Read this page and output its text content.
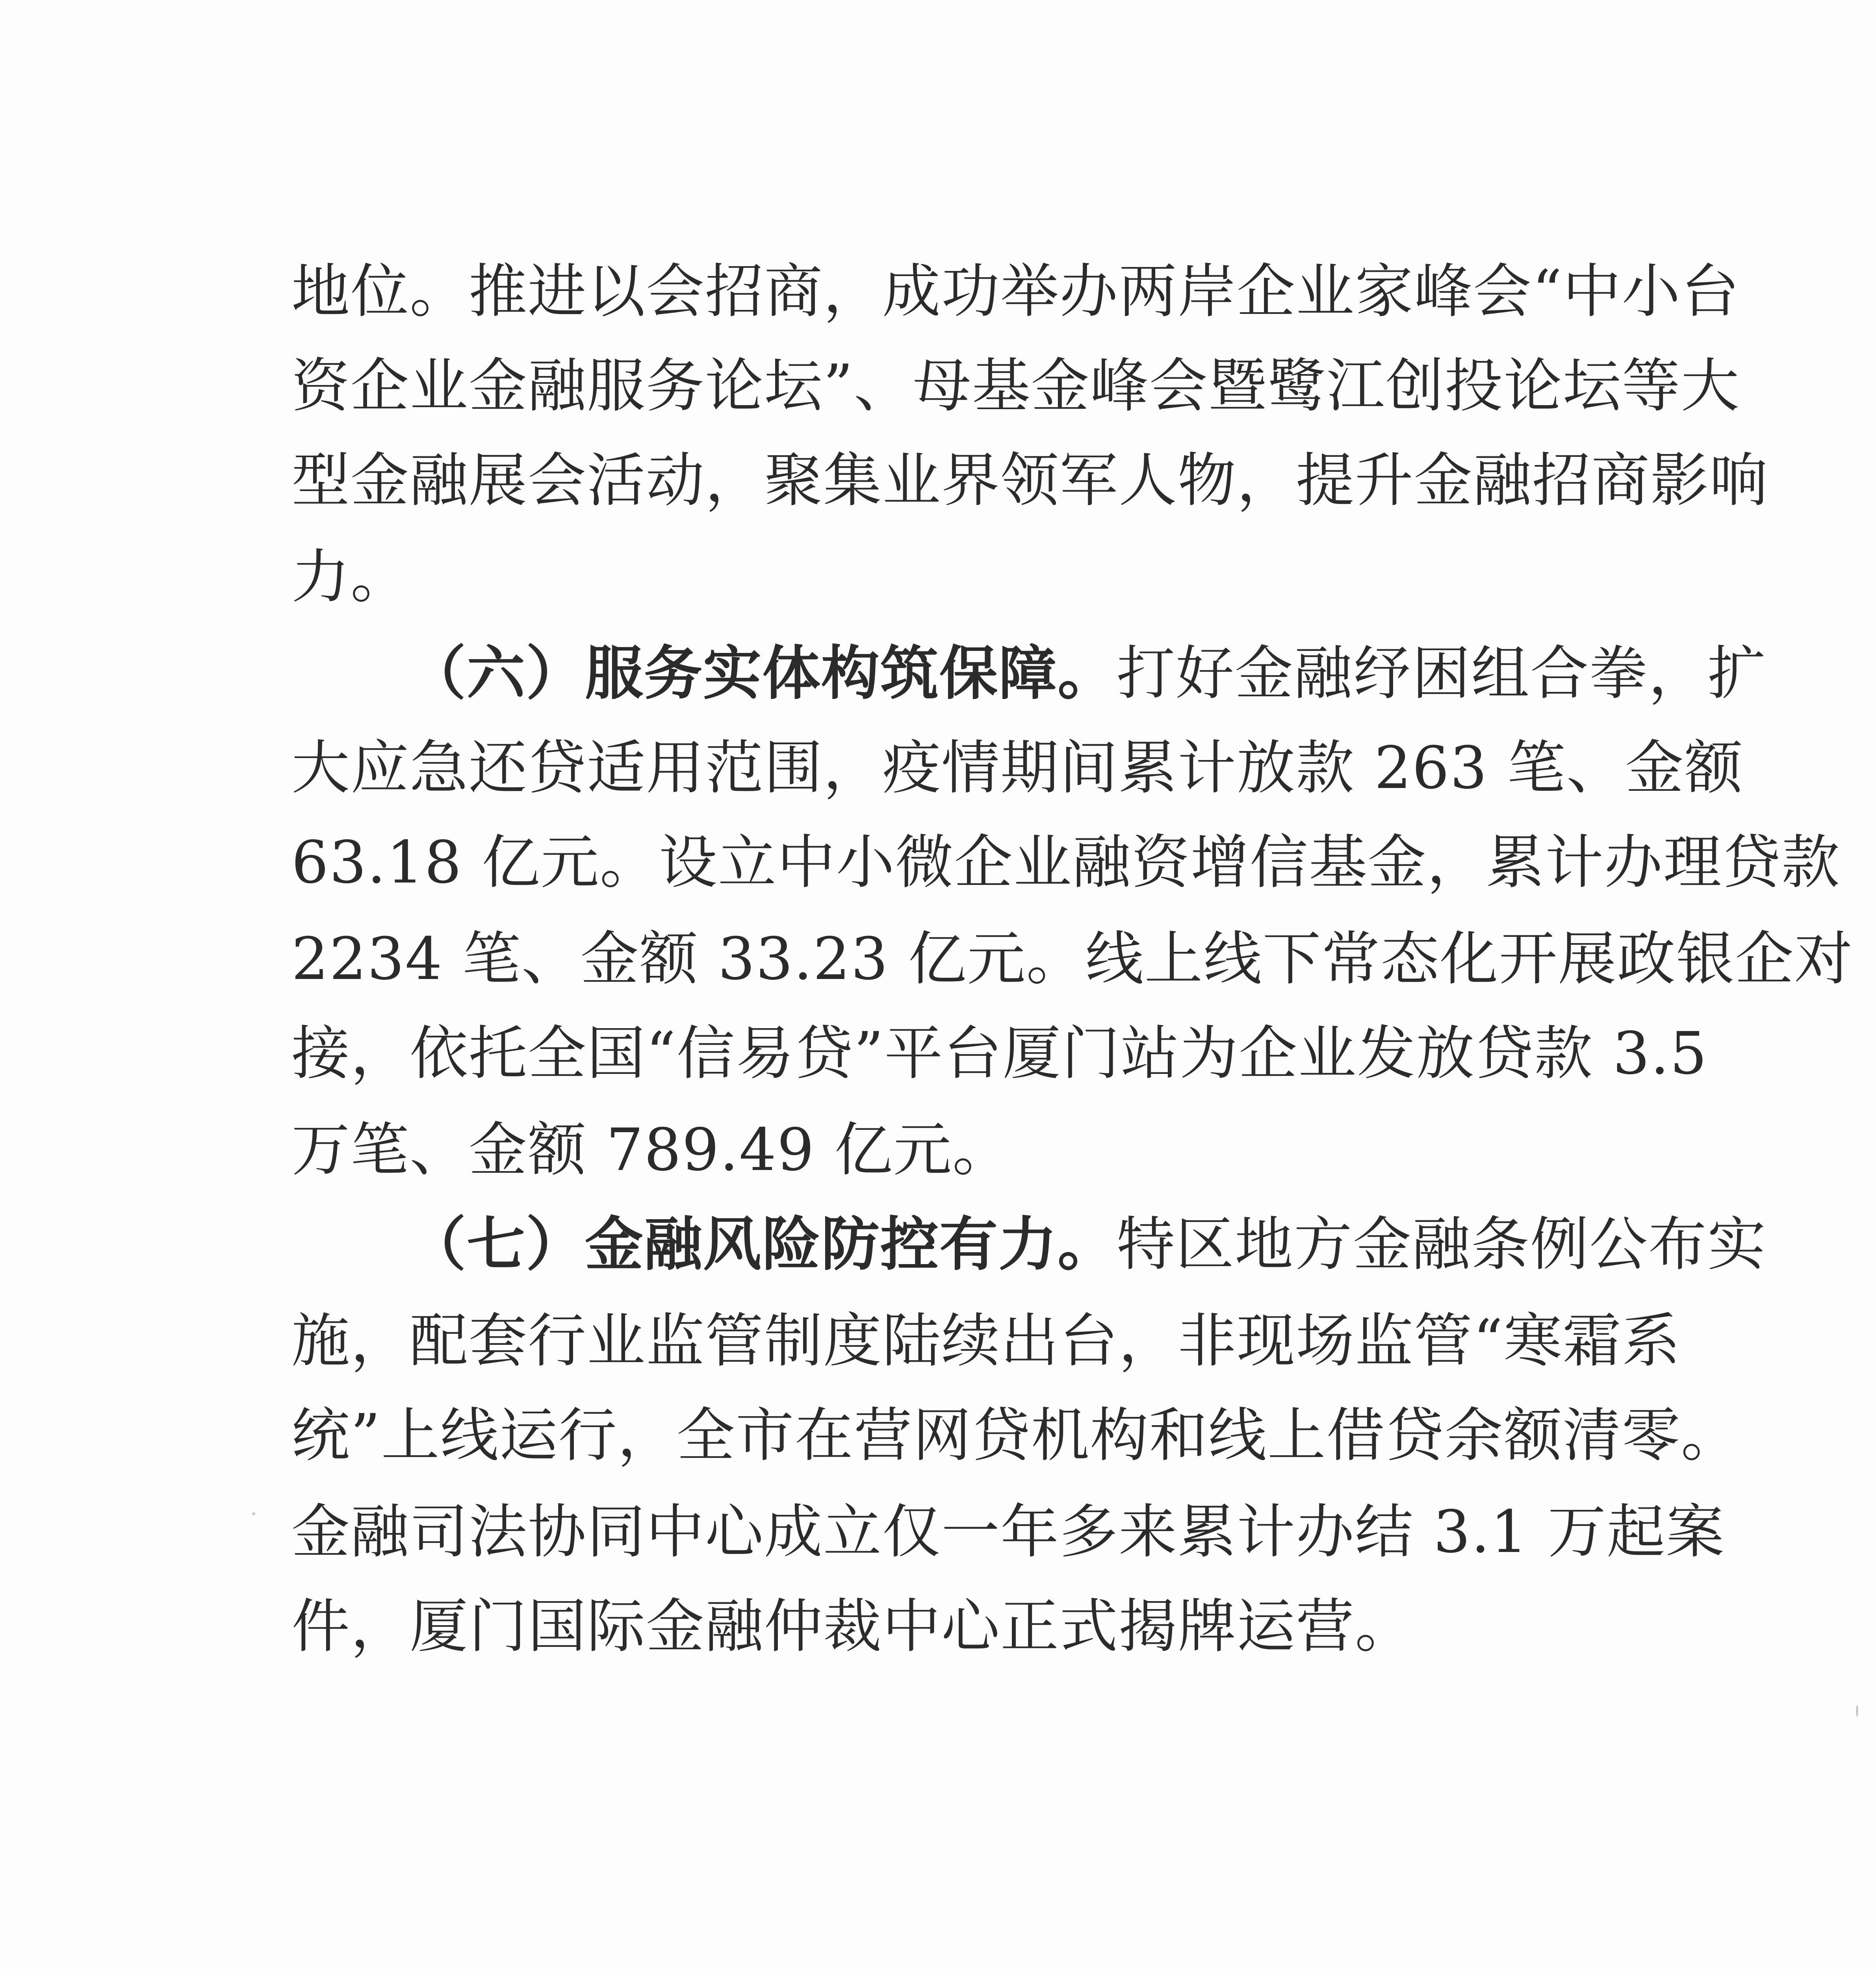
地位。推进以会招商，成功举办两岸企业家峰会“中小台
资企业金融服务论坛”、母基金峰会暨鹭江创投论坛等大
型金融展会活动，聚集业界领军人物，提升金融招商影响
力。
（六）服务实体构筑保障。打好金融纾困组合拳，扩
大应急还贷适用范围，疫情期间累计放款 263 笔、金额
63.18 亿元。设立中小微企业融资增信基金，累计办理贷款
2234 笔、金额 33.23 亿元。线上线下常态化开展政银企对
接，依托全国“信易贷”平台厦门站为企业发放贷款 3.5
万笔、金额 789.49 亿元。
（七）金融风险防控有力。特区地方金融条例公布实
施，配套行业监管制度陆续出台，非现场监管“寒霜系
统”上线运行，全市在营网贷机构和线上借贷余额清零。
金融司法协同中心成立仅一年多来累计办结 3.1 万起案
件，厦门国际金融仲裁中心正式揭牌运营。
